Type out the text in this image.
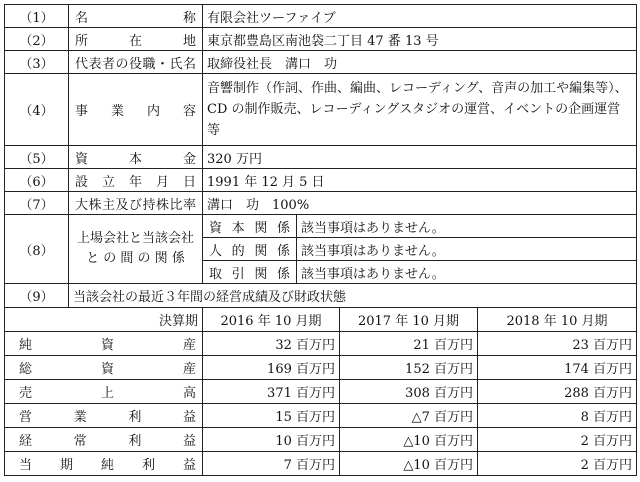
（1）	名　　　称	有限会社ツーファイブ			
（2）	所　在　地	東京都豊島区南池袋二丁目 47 番 13 号			
（3）	代表者の役職・氏名	取締役社長　溝口　功			
（4）	事　業　内　容	音響制作（作詞、作曲、編曲、レコーディング、音声の加工や編集等）、CD の制作販売、レコーディングスタジオの運営、イベントの企画運営等			
（5）	資　本　金	320 万円			
（6）	設 立 年 月 日	1991 年 12 月 5 日			
（7）	大株主及び持株比率	溝口　功　100%			
（8）	上場会社と当該会社
と の 間 の 関 係	資 本 関 係	該当事項はありません。		
		人 的 関 係	該当事項はありません。		
		取 引 関 係	該当事項はありません。		
（9）	当該会社の最近３年間の経営成績及び財政状態				
決算期		2016 年 10 月期		2017 年 10 月期	2018 年 10 月期
純　資　産		32 百万円		21 百万円	23 百万円
総　資　産		169 百万円		152 百万円	174 百万円
売　上　高		371 百万円		308 百万円	288 百万円
営 業 利 益		15 百万円		△7 百万円	8 百万円
経 常 利 益		10 百万円		△10 百万円	2 百万円
当 期 純 利 益		7 百万円		△10 百万円	2 百万円
